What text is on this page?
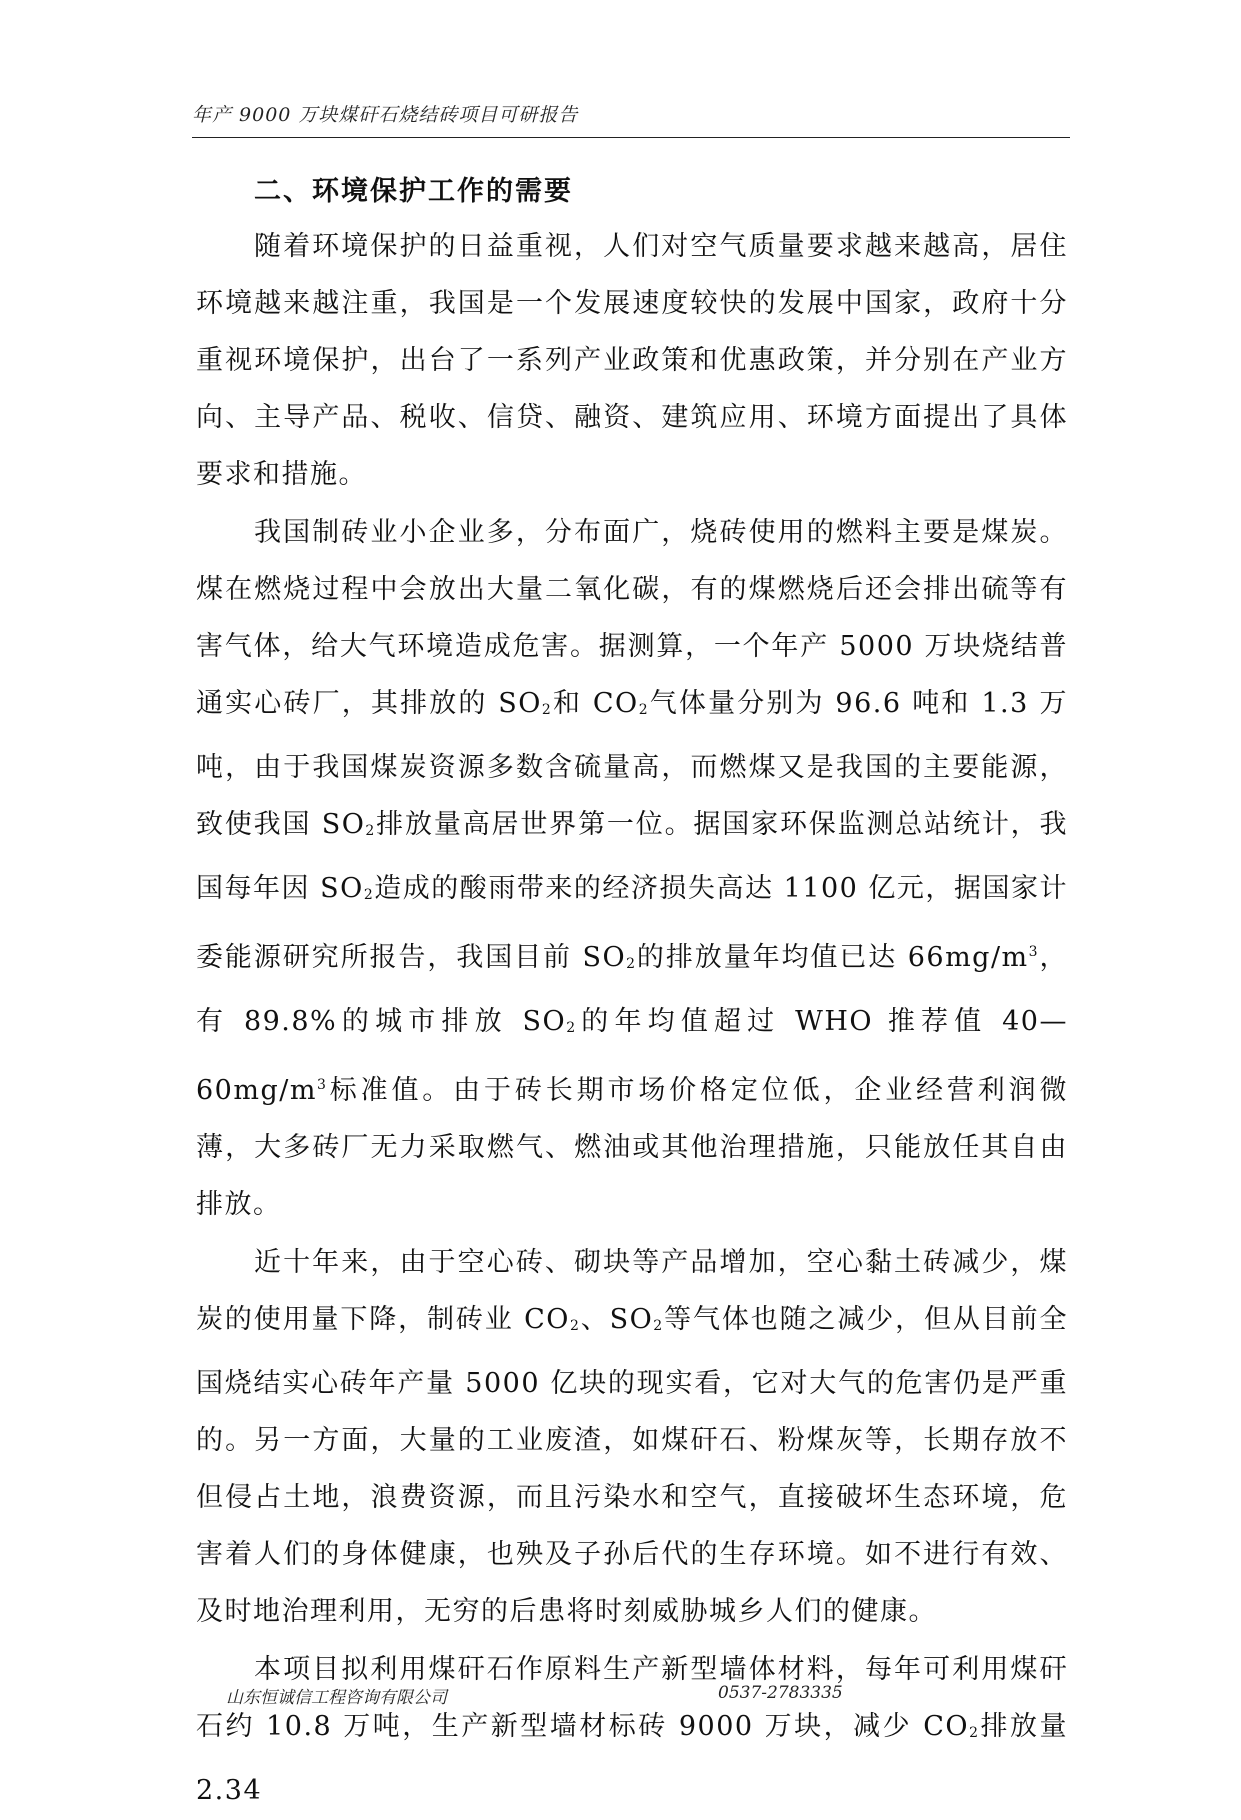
年产 9000 万块煤矸石烧结砖项目可研报告

二、环境保护工作的需要

随着环境保护的日益重视，人们对空气质量要求越来越高，居住环境越来越注重，我国是一个发展速度较快的发展中国家，政府十分重视环境保护，出台了一系列产业政策和优惠政策，并分别在产业方向、主导产品、税收、信贷、融资、建筑应用、环境方面提出了具体要求和措施。

我国制砖业小企业多，分布面广，烧砖使用的燃料主要是煤炭。煤在燃烧过程中会放出大量二氧化碳，有的煤燃烧后还会排出硫等有害气体，给大气环境造成危害。据测算，一个年产 5000 万块烧结普通实心砖厂，其排放的 $SO_2$和 $CO_2$气体量分别为 96.6 吨和 1.3 万吨，由于我国煤炭资源多数含硫量高，而燃煤又是我国的主要能源，致使我国 $SO_2$排放量高居世界第一位。据国家环保监测总站统计，我国每年因 $SO_2$造成的酸雨带来的经济损失高达 1100 亿元，据国家计委能源研究所报告，我国目前 $SO_2$的排放量年均值已达 $66mg/m^3$，有 89.8%的城市排放 $SO_2$的年均值超过 WHO 推荐值 $40—60mg/m^3$标准值。由于砖长期市场价格定位低，企业经营利润微薄，大多砖厂无力采取燃气、燃油或其他治理措施，只能放任其自由排放。

近十年来，由于空心砖、砌块等产品增加，空心黏土砖减少，煤炭的使用量下降，制砖业 $CO_2$、$SO_2$等气体也随之减少，但从目前全国烧结实心砖年产量 5000 亿块的现实看，它对大气的危害仍是严重的。另一方面，大量的工业废渣，如煤矸石、粉煤灰等，长期存放不但侵占土地，浪费资源，而且污染水和空气，直接破坏生态环境，危害着人们的身体健康，也殃及子孙后代的生存环境。如不进行有效、及时地治理利用，无穷的后患将时刻威胁城乡人们的健康。

本项目拟利用煤矸石作原料生产新型墙体材料，每年可利用煤矸石约 10.8 万吨，生产新型墙材标砖 9000 万块，减少 $CO_2$排放量 2.34

山东恒诚信工程咨询有限公司	0537-2783335
